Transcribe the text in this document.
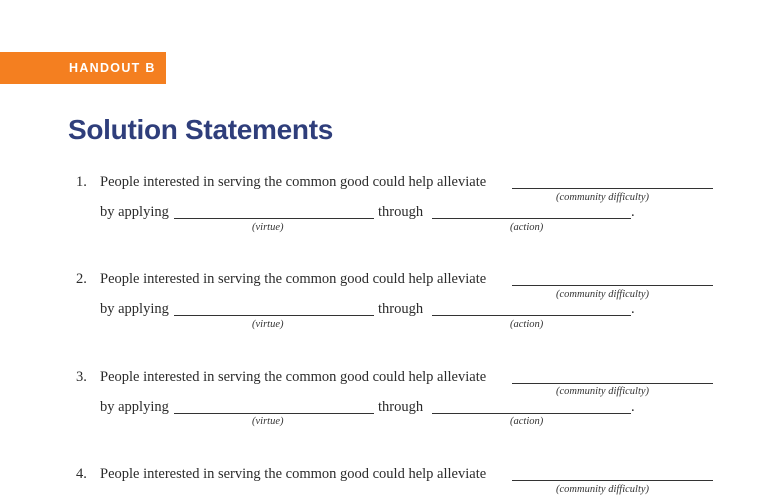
HANDOUT B
Solution Statements
1. People interested in serving the common good could help alleviate
(community difficulty)
by applying	through	.
(virtue)	(action)
2. People interested in serving the common good could help alleviate
(community difficulty)
by applying	through	.
(virtue)	(action)
3. People interested in serving the common good could help alleviate
(community difficulty)
by applying	through	.
(virtue)	(action)
4. People interested in serving the common good could help alleviate
(community difficulty)
